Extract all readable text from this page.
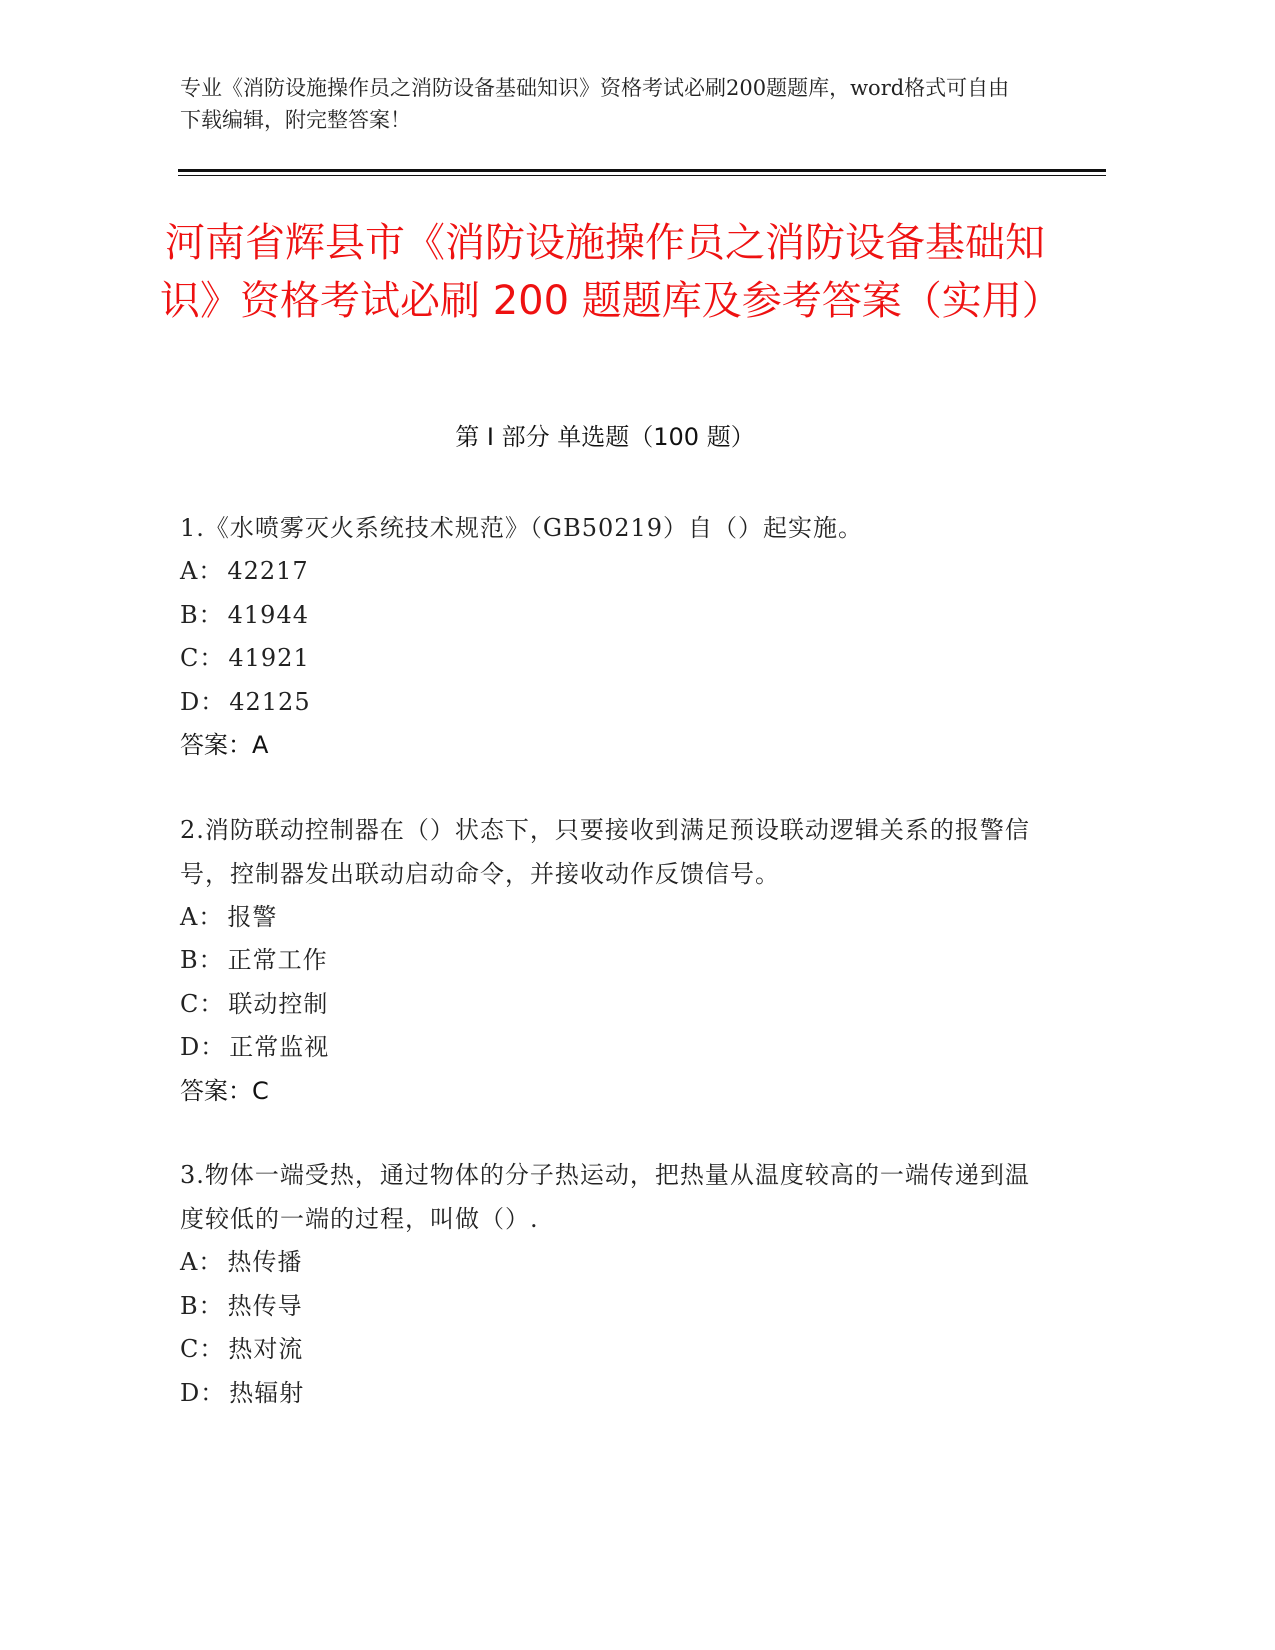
专业《消防设施操作员之消防设备基础知识》资格考试必刷200题题库，word格式可自由下载编辑，附完整答案！
河南省辉县市《消防设施操作员之消防设备基础知识》资格考试必刷 200 题题库及参考答案（实用）
第 I 部分 单选题（100 题）
1.《水喷雾灭火系统技术规范》（GB50219）自（）起实施。
A： 42217
B： 41944
C： 41921
D： 42125
答案：A
2.消防联动控制器在（）状态下，只要接收到满足预设联动逻辑关系的报警信号，控制器发出联动启动命令，并接收动作反馈信号。
A： 报警
B： 正常工作
C： 联动控制
D： 正常监视
答案：C
3.物体一端受热，通过物体的分子热运动，把热量从温度较高的一端传递到温度较低的一端的过程，叫做（）.
A： 热传播
B： 热传导
C： 热对流
D： 热辐射
